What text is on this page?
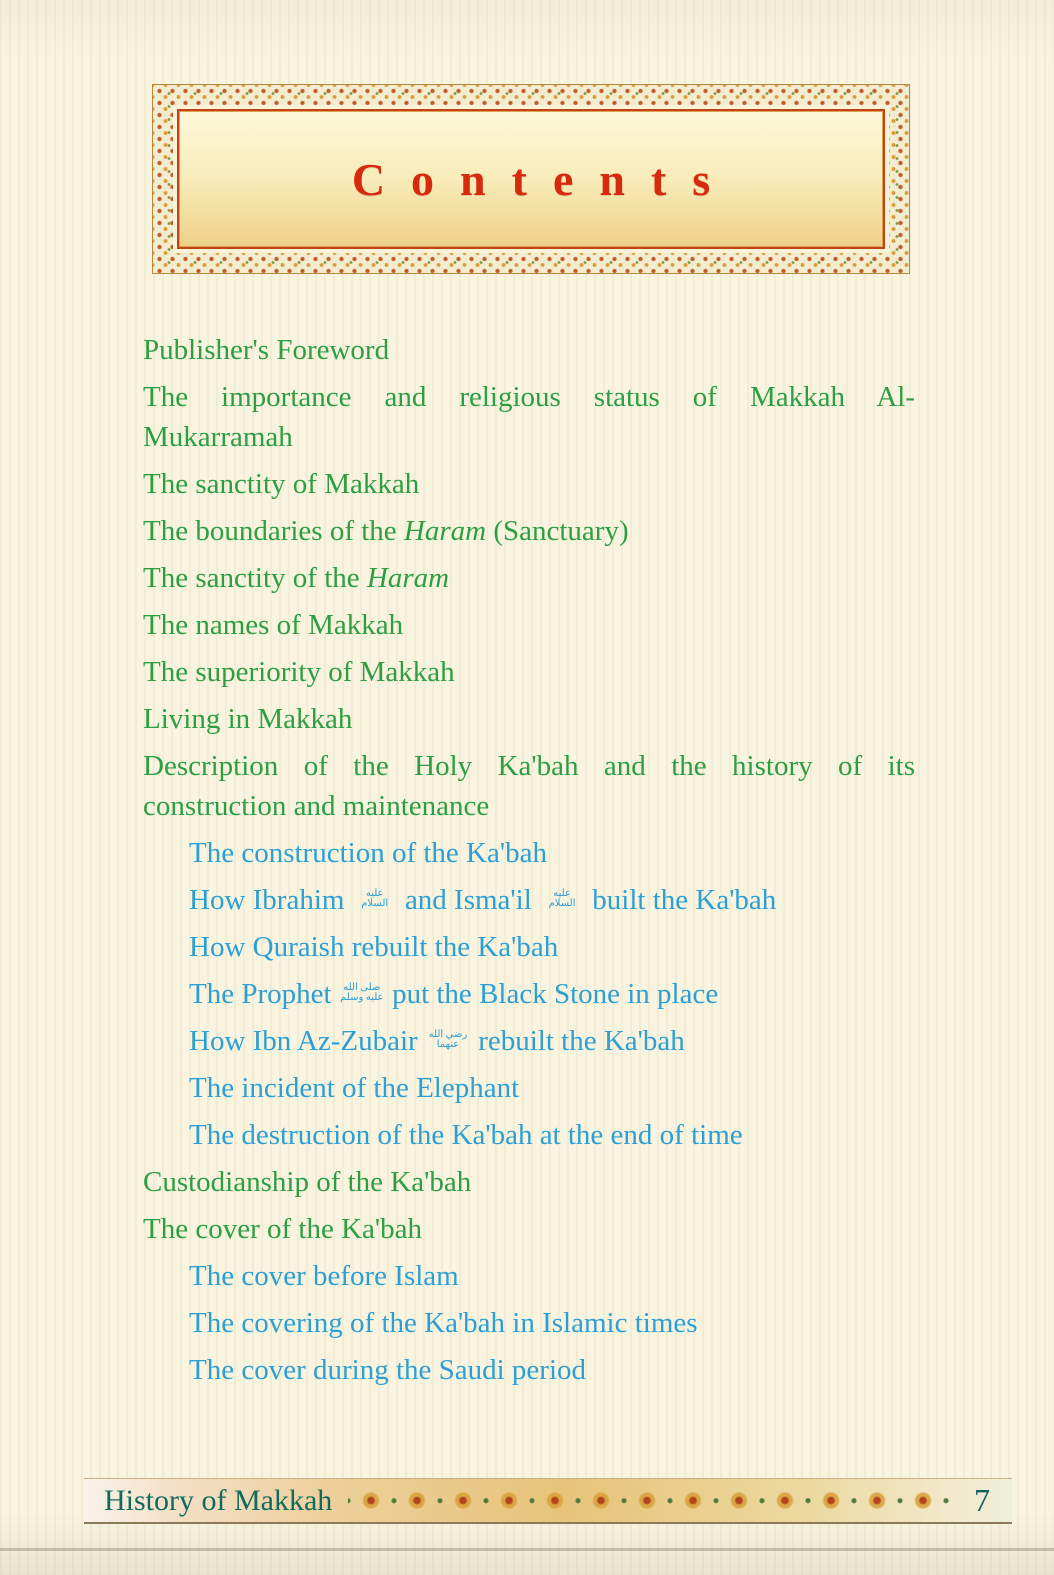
Contents
Publisher's Foreword
The importance and religious status of Makkah Al-
Mukarramah
The sanctity of Makkah
The boundaries of the Haram (Sanctuary)
The sanctity of the Haram
The names of Makkah
The superiority of Makkah
Living in Makkah
Description of the Holy Ka'bah and the history of its
construction and maintenance
The construction of the Ka'bah
How Ibrahim عليه السلام and Isma'il عليه السلام built the Ka'bah
How Quraish rebuilt the Ka'bah
The Prophet صلى الله عليه وسلم put the Black Stone in place
How Ibn Az-Zubair رضي الله عنهما rebuilt the Ka'bah
The incident of the Elephant
The destruction of the Ka'bah at the end of time
Custodianship of the Ka'bah
The cover of the Ka'bah
The cover before Islam
The covering of the Ka'bah in Islamic times
The cover during the Saudi period
History of Makkah	7
